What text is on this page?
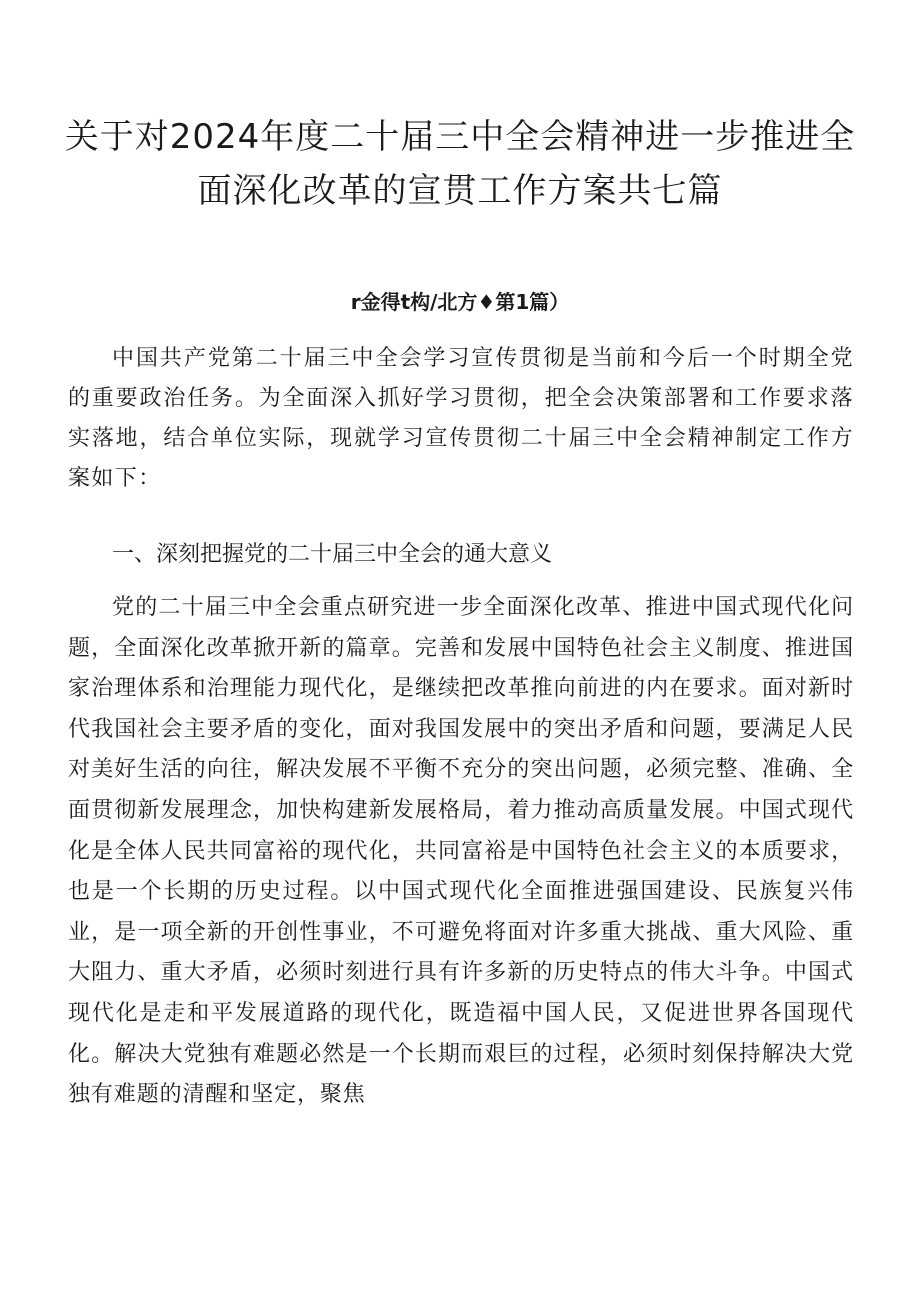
关于对2024年度二十届三中全会精神进一步推进全面深化改革的宣贯工作方案共七篇
r金得t构/北方♦第1篇）

中国共产党第二十届三中全会学习宣传贯彻是当前和今后一个时期全党的重要政治任务。为全面深入抓好学习贯彻，把全会决策部署和工作要求落实落地，结合单位实际，现就学习宣传贯彻二十届三中全会精神制定工作方案如下：

一、深刻把握党的二十届三中全会的通大意义

党的二十届三中全会重点研究进一步全面深化改革、推进中国式现代化问题，全面深化改革掀开新的篇章。完善和发展中国特色社会主义制度、推进国家治理体系和治理能力现代化，是继续把改革推向前进的内在要求。面对新时代我国社会主要矛盾的变化，面对我国发展中的突出矛盾和问题，要满足人民对美好生活的向往，解决发展不平衡不充分的突出问题，必须完整、准确、全面贯彻新发展理念，加快构建新发展格局，着力推动高质量发展。中国式现代化是全体人民共同富裕的现代化，共同富裕是中国特色社会主义的本质要求，也是一个长期的历史过程。以中国式现代化全面推进强国建设、民族复兴伟业，是一项全新的开创性事业，不可避免将面对许多重大挑战、重大风险、重大阻力、重大矛盾，必须时刻进行具有许多新的历史特点的伟大斗争。中国式现代化是走和平发展道路的现代化，既造福中国人民，又促进世界各国现代化。解决大党独有难题必然是一个长期而艰巨的过程，必须时刻保持解决大党独有难题的清醒和坚定，聚焦
